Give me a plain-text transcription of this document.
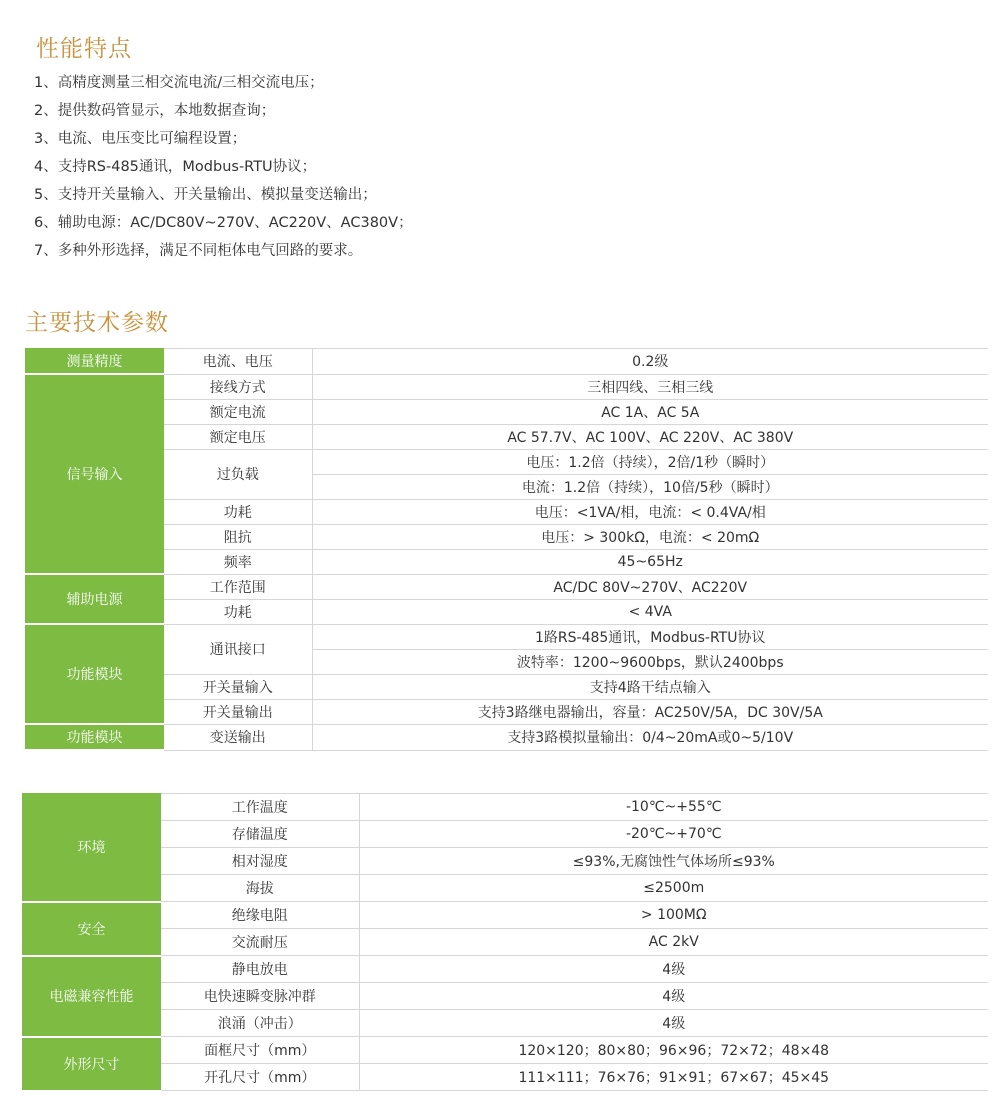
性能特点
1、高精度测量三相交流电流/三相交流电压；
2、提供数码管显示，本地数据查询；
3、电流、电压变比可编程设置；
4、支持RS-485通讯，Modbus-RTU协议；
5、支持开关量输入、开关量输出、模拟量变送输出；
6、辅助电源：AC/DC80V~270V、AC220V、AC380V；
7、多种外形选择，满足不同柜体电气回路的要求。
主要技术参数
测量精度	电流、电压	0.2级
信号输入	接线方式	三相四线、三相三线
	额定电流	AC 1A、AC 5A
	额定电压	AC 57.7V、AC 100V、AC 220V、AC 380V
	过负载	电压：1.2倍（持续），2倍/1秒（瞬时）
		电流：1.2倍（持续），10倍/5秒（瞬时）
	功耗	电压：<1VA/相，电流：< 0.4VA/相
	阻抗	电压：> 300kΩ，电流：< 20mΩ
	频率	45~65Hz
辅助电源	工作范围	AC/DC 80V~270V、AC220V
	功耗	< 4VA
功能模块	通讯接口	1路RS-485通讯，Modbus-RTU协议
		波特率：1200~9600bps，默认2400bps
	开关量输入	支持4路干结点输入
	开关量输出	支持3路继电器输出，容量：AC250V/5A，DC 30V/5A
功能模块	变送输出	支持3路模拟量输出：0/4~20mA或0~5/10V
环境	工作温度	-10℃~+55℃
	存储温度	-20℃~+70℃
	相对湿度	≤93%,无腐蚀性气体场所≤93%
	海拔	≤2500m
安全	绝缘电阻	> 100MΩ
	交流耐压	AC 2kV
电磁兼容性能	静电放电	4级
	电快速瞬变脉冲群	4级
	浪涌（冲击）	4级
外形尺寸	面框尺寸（mm）	120×120；80×80；96×96；72×72；48×48
	开孔尺寸（mm）	111×111；76×76；91×91；67×67；45×45
